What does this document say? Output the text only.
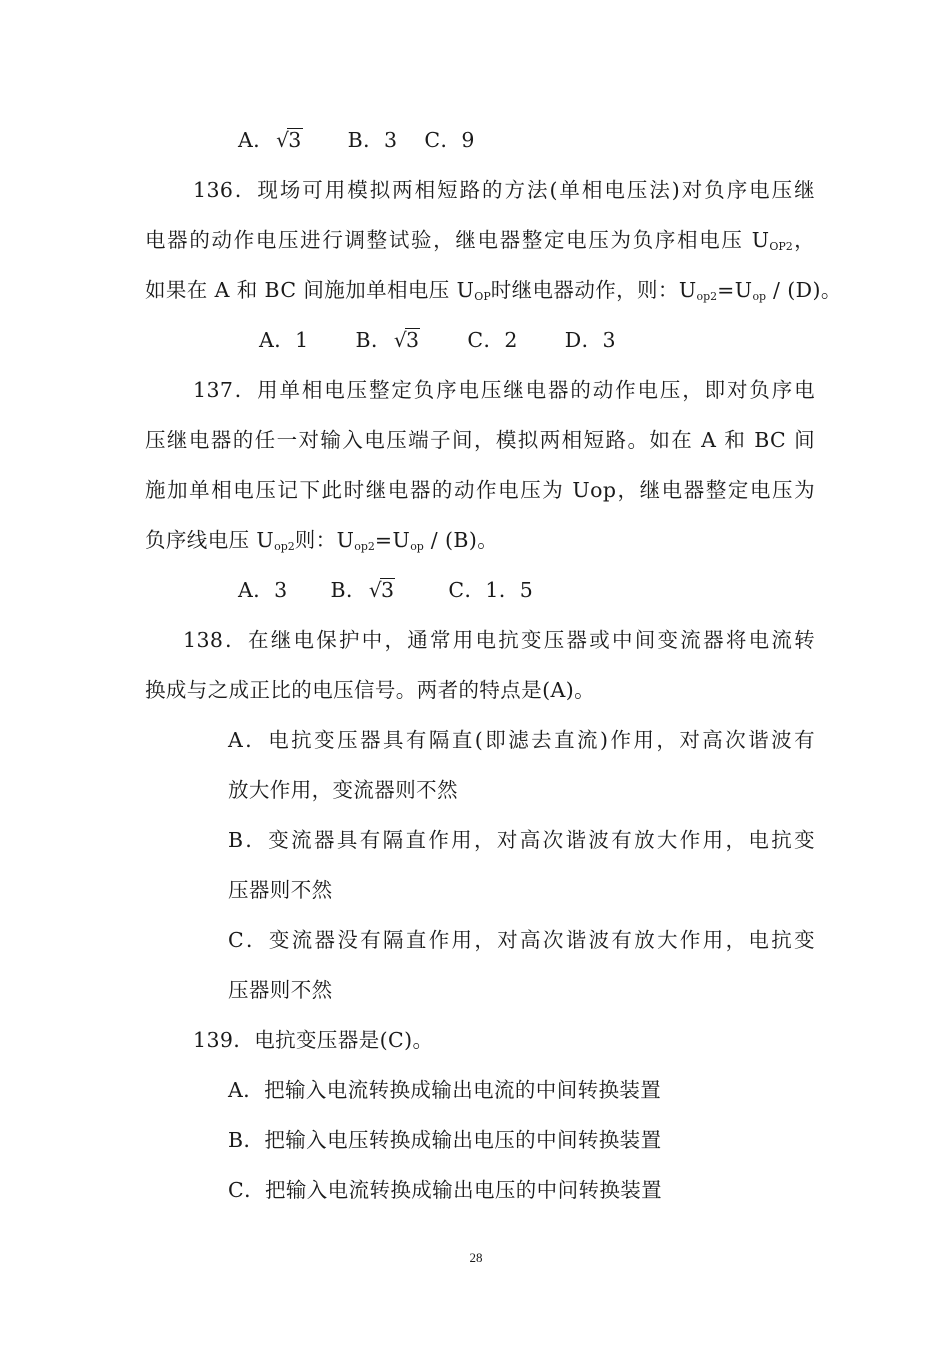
A． √3 B．3 C．9
136．现场可用模拟两相短路的方法(单相电压法)对负序电压继
电器的动作电压进行调整试验，继电器整定电压为负序相电压 $U_{OP2}$，
如果在 A 和 BC 间施加单相电压 $U_{OP}$时继电器动作，则：$U_{op2}=U_{op} / (D)$。
A．1 B． √3 C．2 D．3
137．用单相电压整定负序电压继电器的动作电压，即对负序电
压继电器的任一对输入电压端子间，模拟两相短路。如在 A 和 BC 间
施加单相电压记下此时继电器的动作电压为 Uop，继电器整定电压为
负序线电压 $U_{op2}$则：$U_{op2}=U_{op} / (B)$。
A．3 B． √3	C．1．5
138．在继电保护中，通常用电抗变压器或中间变流器将电流转
换成与之成正比的电压信号。两者的特点是(A)。
A．电抗变压器具有隔直(即滤去直流)作用，对高次谐波有
放大作用，变流器则不然
B．变流器具有隔直作用，对高次谐波有放大作用，电抗变
压器则不然
C．变流器没有隔直作用，对高次谐波有放大作用，电抗变
压器则不然
139．电抗变压器是(C)。
A．把输入电流转换成输出电流的中间转换装置
B．把输入电压转换成输出电压的中间转换装置
C．把输入电流转换成输出电压的中问转换装置
28
